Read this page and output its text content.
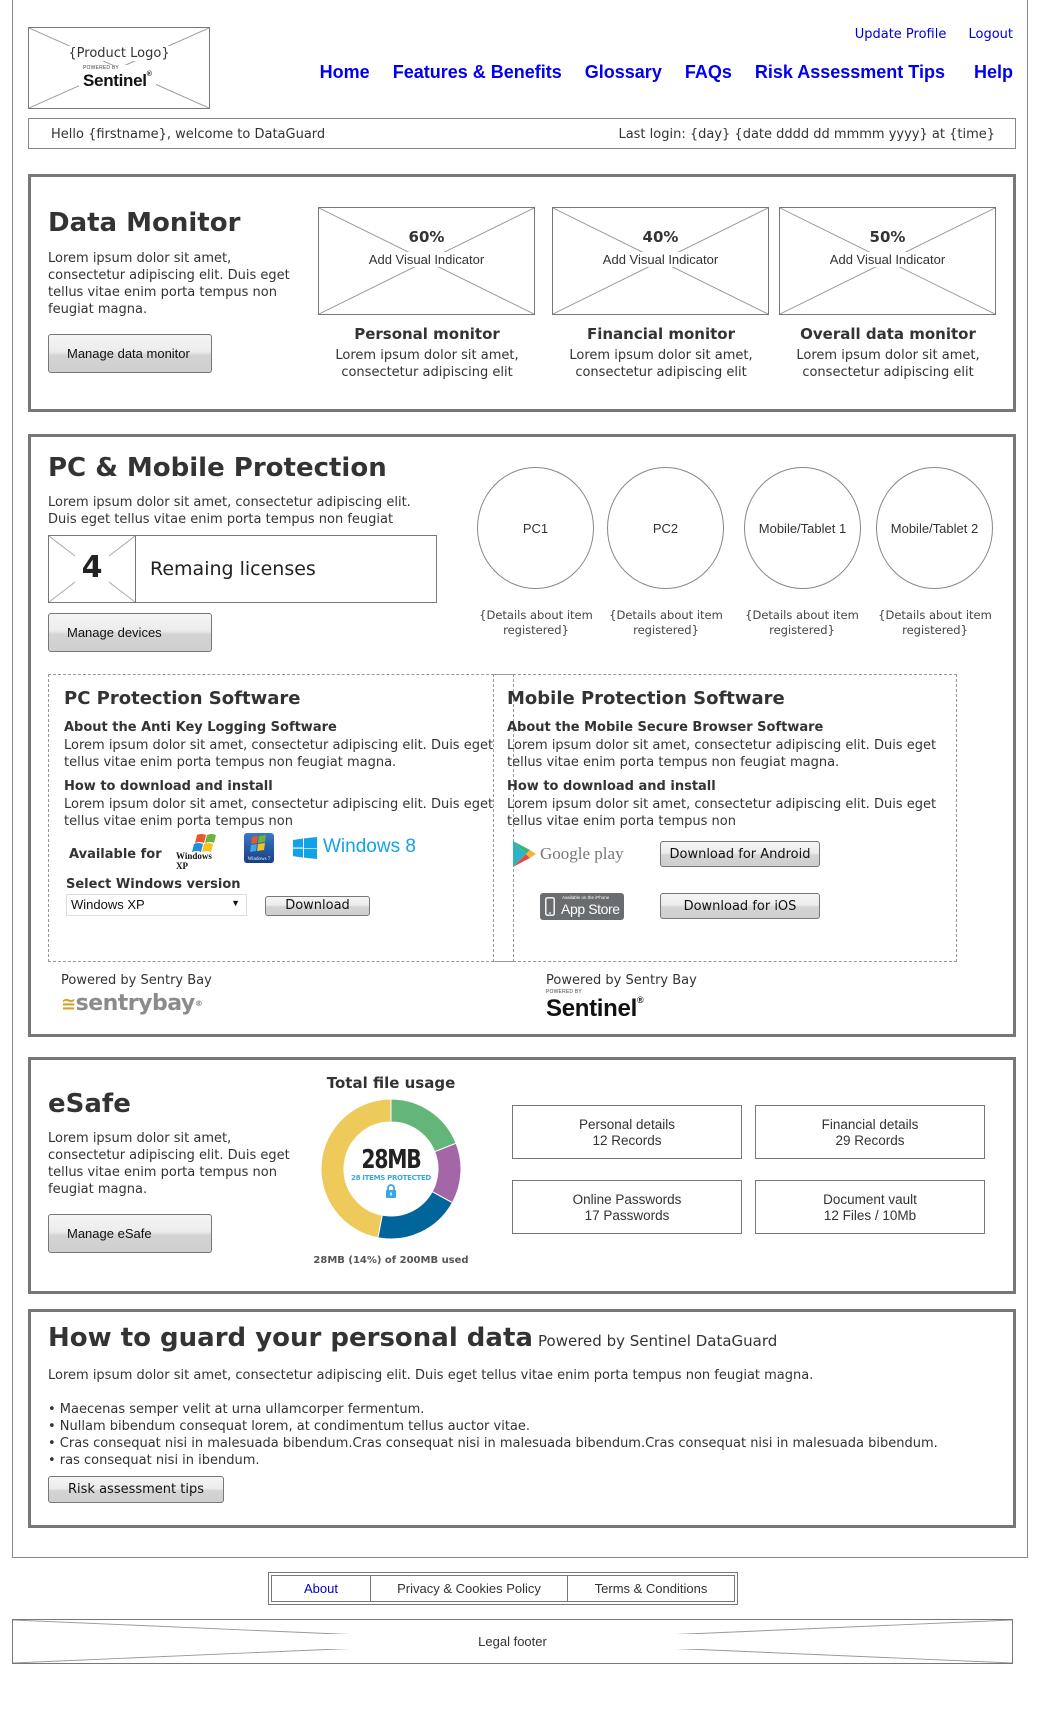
{Product Logo}
POWERED BY
Sentinel®
Update Profile Logout
Home Features & Benefits Glossary FAQs Risk Assessment Tips Help
Hello {firstname}, welcome to DataGuard	Last login: {day} {date dddd dd mmmm yyyy} at {time}
Data Monitor
Lorem ipsum dolor sit amet, consectetur adipiscing elit. Duis eget tellus vitae enim porta tempus non feugiat magna.
Manage data monitor
60%
Add Visual Indicator
Personal monitor
Lorem ipsum dolor sit amet, consectetur adipiscing elit
40%
Add Visual Indicator
Financial monitor
Lorem ipsum dolor sit amet, consectetur adipiscing elit
50%
Add Visual Indicator
Overall data monitor
Lorem ipsum dolor sit amet, consectetur adipiscing elit
PC & Mobile Protection
Lorem ipsum dolor sit amet, consectetur adipiscing elit.
Duis eget tellus vitae enim porta tempus non feugiat
4	Remaing licenses
Manage devices
PC1	PC2	Mobile/Tablet 1	Mobile/Tablet 2
{Details about item registered}
{Details about item registered}
{Details about item registered}
{Details about item registered}
PC Protection Software
About the Anti Key Logging Software
Lorem ipsum dolor sit amet, consectetur adipiscing elit. Duis eget tellus vitae enim porta tempus non feugiat magna.
How to download and install
Lorem ipsum dolor sit amet, consectetur adipiscing elit. Duis eget tellus vitae enim porta tempus non
Available for Windows XP
Windows 7
Windows 8
Select Windows version
Windows XP	▼	Download
Mobile Protection Software
About the Mobile Secure Browser Software
Lorem ipsum dolor sit amet, consectetur adipiscing elit. Duis eget tellus vitae enim porta tempus non feugiat magna.
How to download and install
Lorem ipsum dolor sit amet, consectetur adipiscing elit. Duis eget tellus vitae enim porta tempus non
Google play	Download for Android
Available on the iPhone
App Store	Download for iOS
Powered by Sentry Bay
≅sentrybay®
Powered by Sentry Bay
POWERED BY
Sentinel®
eSafe
Lorem ipsum dolor sit amet, consectetur adipiscing elit. Duis eget tellus vitae enim porta tempus non feugiat magna.
Manage eSafe
Total file usage
28MB
28 ITEMS PROTECTED
28MB (14%) of 200MB used
Personal details
12 Records
Financial details
29 Records
Online Passwords
17 Passwords
Document vault
12 Files / 10Mb
How to guard your personal data Powered by Sentinel DataGuard
Lorem ipsum dolor sit amet, consectetur adipiscing elit. Duis eget tellus vitae enim porta tempus non feugiat magna.
• Maecenas semper velit at urna ullamcorper fermentum.
• Nullam bibendum consequat lorem, at condimentum tellus auctor vitae.
• Cras consequat nisi in malesuada bibendum.Cras consequat nisi in malesuada bibendum.Cras consequat nisi in malesuada bibendum.
• ras consequat nisi in ibendum.
Risk assessment tips
About	Privacy & Cookies Policy	Terms & Conditions
Legal footer
